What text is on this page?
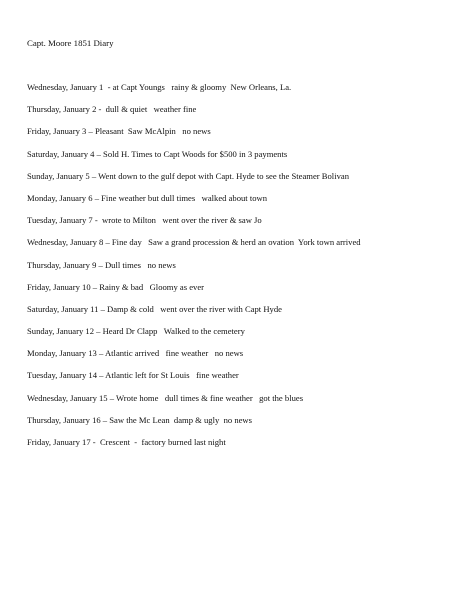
Capt. Moore 1851 Diary
Wednesday, January 1  - at Capt Youngs   rainy & gloomy  New Orleans, La.
Thursday, January 2 -  dull & quiet   weather fine
Friday, January 3 – Pleasant  Saw McAlpin   no news
Saturday, January 4 – Sold H. Times to Capt Woods for $500 in 3 payments
Sunday, January 5 – Went down to the gulf depot with Capt. Hyde to see the Steamer Bolivan
Monday, January 6 – Fine weather but dull times   walked about town
Tuesday, January 7 -  wrote to Milton   went over the river & saw Jo
Wednesday, January 8 – Fine day   Saw a grand procession & herd an ovation  York town arrived
Thursday, January 9 – Dull times   no news
Friday, January 10 – Rainy & bad   Gloomy as ever
Saturday, January 11 – Damp & cold   went over the river with Capt Hyde
Sunday, January 12 – Heard Dr Clapp   Walked to the cemetery
Monday, January 13 – Atlantic arrived   fine weather   no news
Tuesday, January 14 – Atlantic left for St Louis   fine weather
Wednesday, January 15 – Wrote home   dull times & fine weather   got the blues
Thursday, January 16 – Saw the Mc Lean  damp & ugly  no news
Friday, January 17 -  Crescent  -  factory burned last night
